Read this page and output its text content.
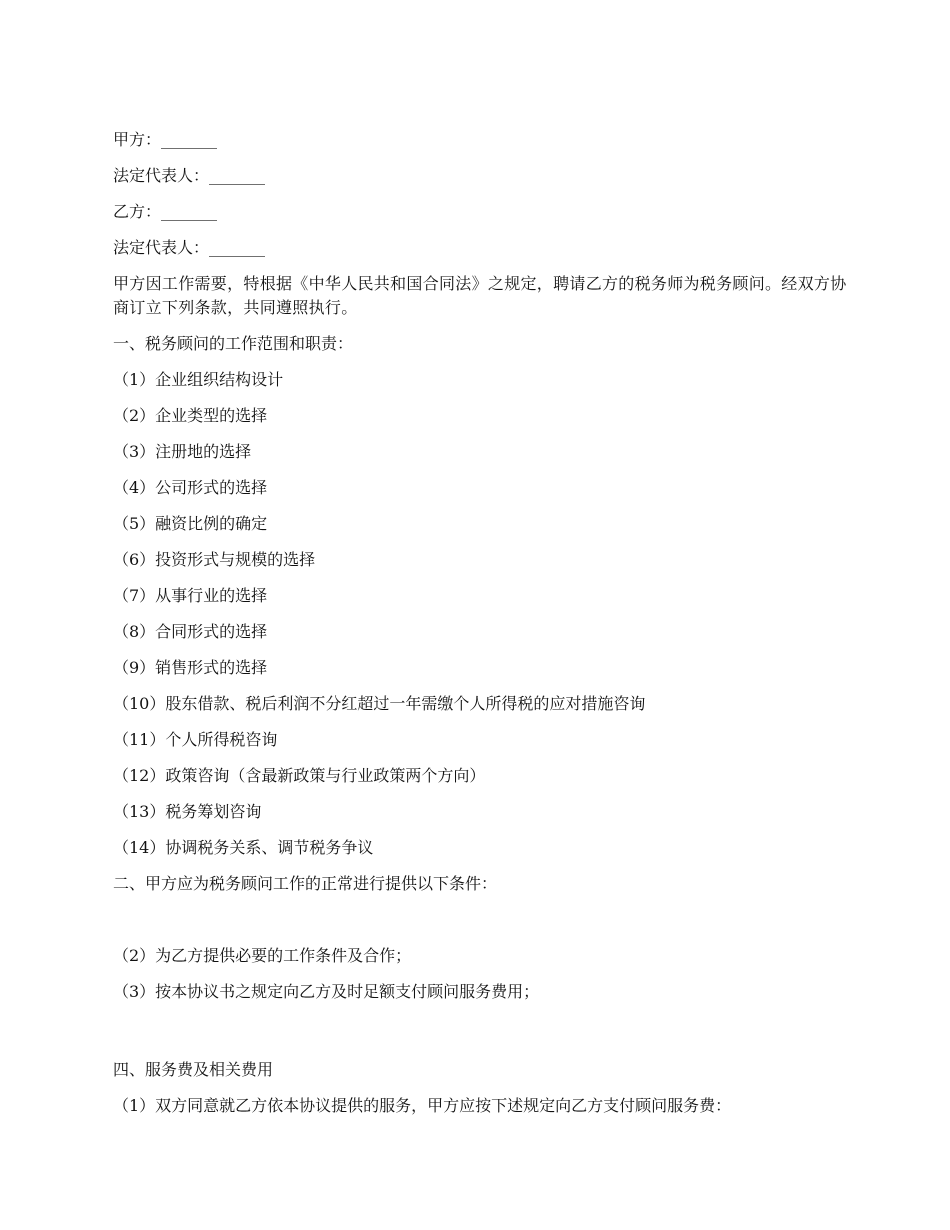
甲方：_______
法定代表人：_______
乙方：_______
法定代表人：_______
甲方因工作需要，特根据《中华人民共和国合同法》之规定，聘请乙方的税务师为税务顾问。经双方协商订立下列条款，共同遵照执行。
一、税务顾问的工作范围和职责：
（1）企业组织结构设计
（2）企业类型的选择
（3）注册地的选择
（4）公司形式的选择
（5）融资比例的确定
（6）投资形式与规模的选择
（7）从事行业的选择
（8）合同形式的选择
（9）销售形式的选择
（10）股东借款、税后利润不分红超过一年需缴个人所得税的应对措施咨询
（11）个人所得税咨询
（12）政策咨询（含最新政策与行业政策两个方向）
（13）税务筹划咨询
（14）协调税务关系、调节税务争议
二、甲方应为税务顾问工作的正常进行提供以下条件：
（2）为乙方提供必要的工作条件及合作；
（3）按本协议书之规定向乙方及时足额支付顾问服务费用；
四、服务费及相关费用
（1）双方同意就乙方依本协议提供的服务，甲方应按下述规定向乙方支付顾问服务费：
